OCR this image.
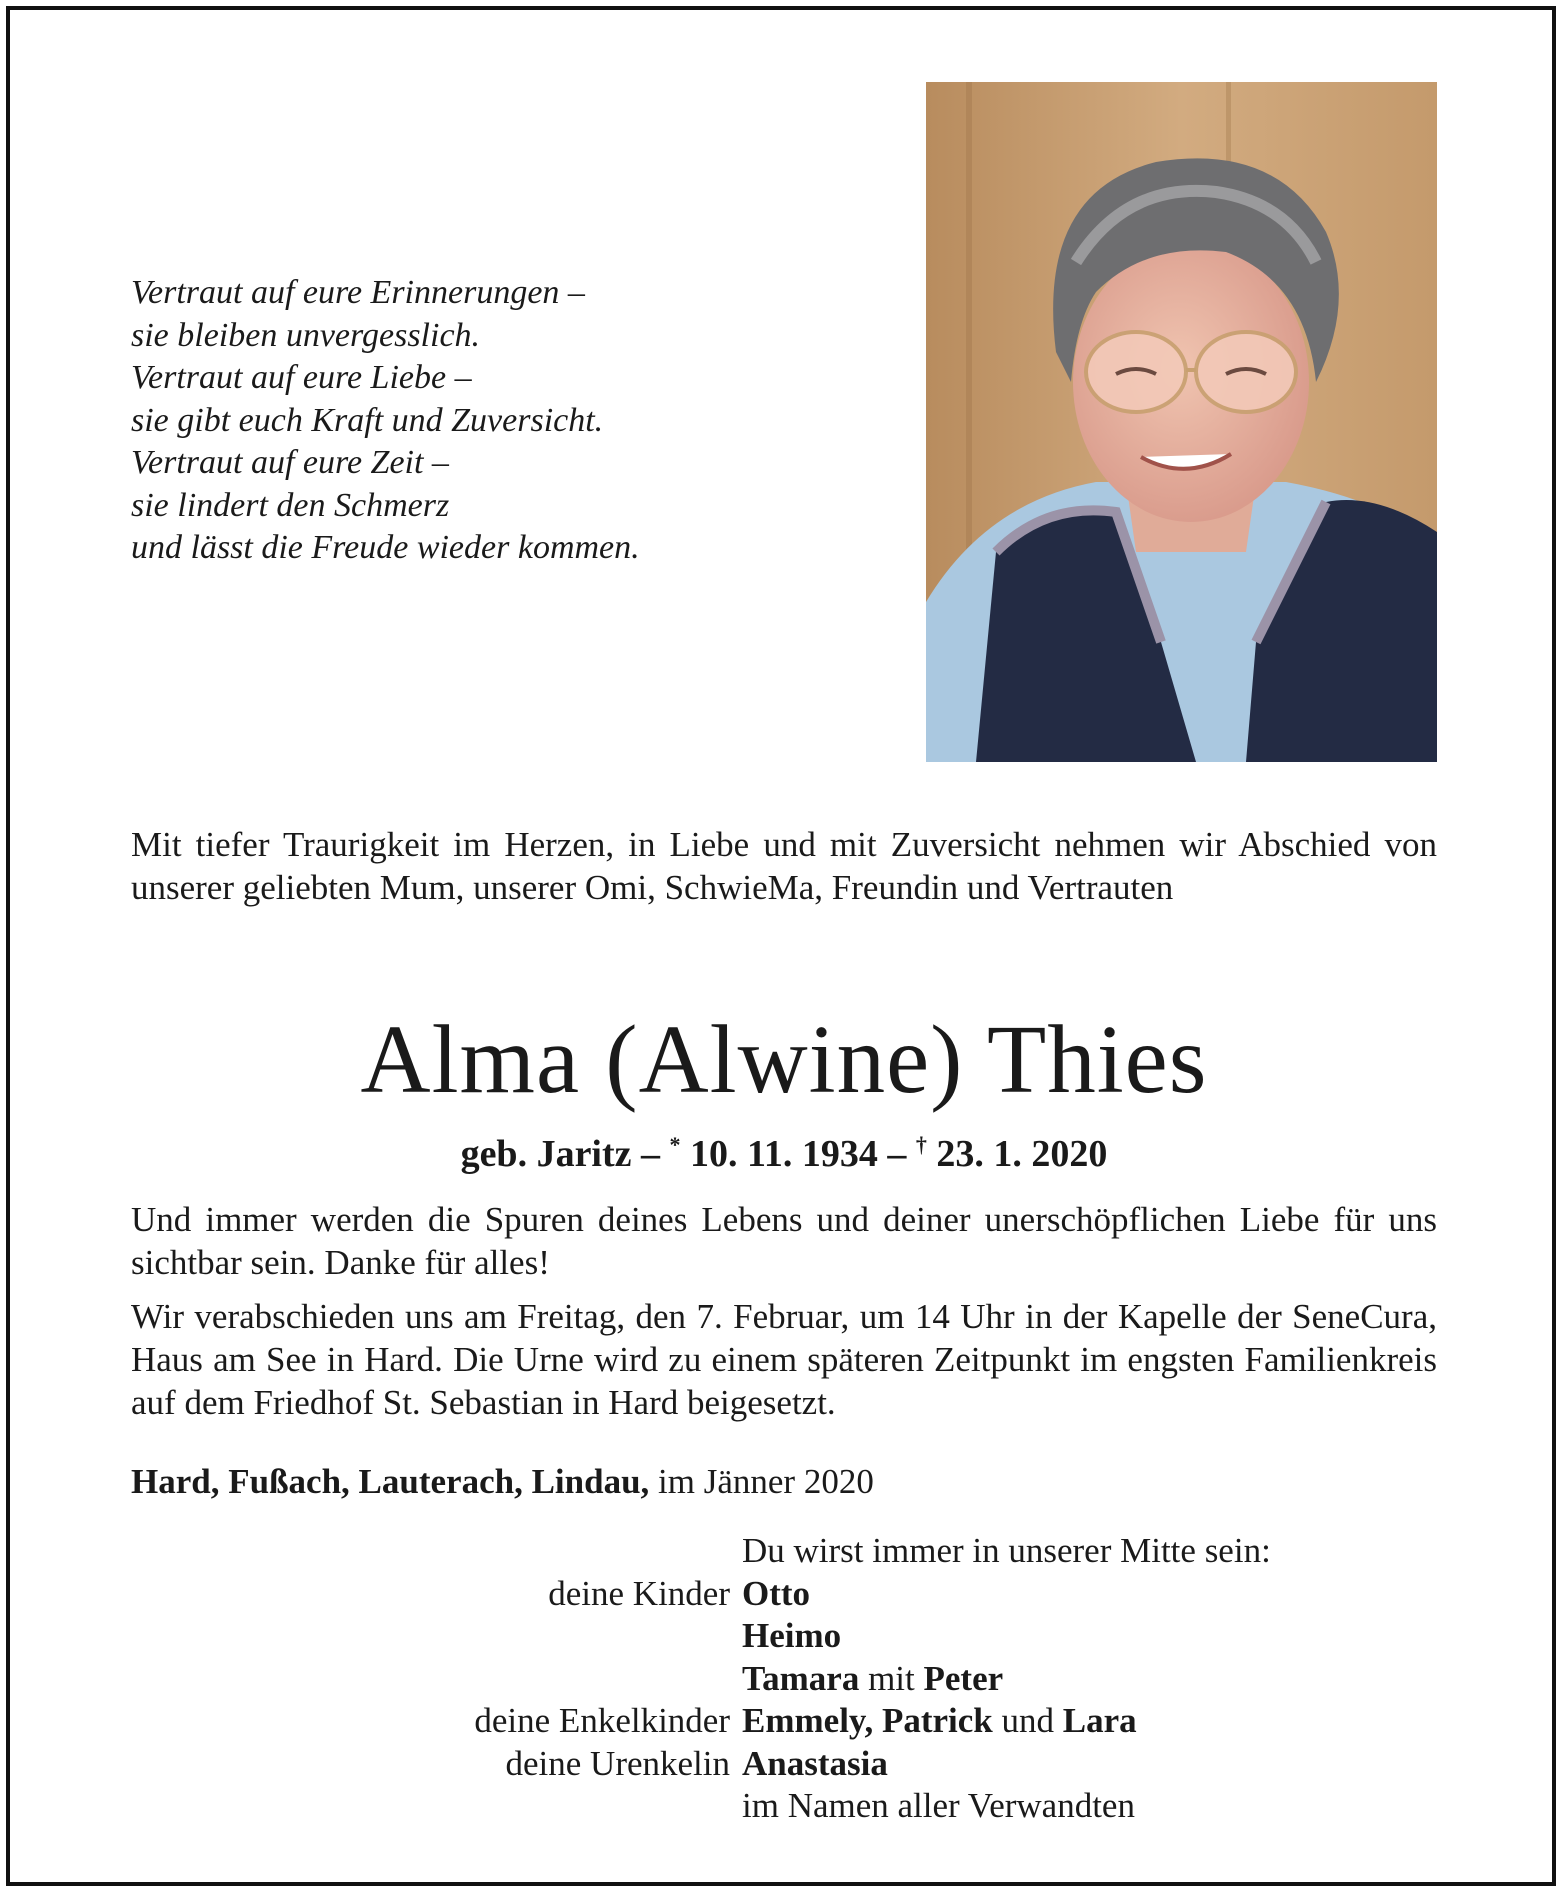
Vertraut auf eure Erinnerungen –
sie bleiben unvergesslich.
Vertraut auf eure Liebe –
sie gibt euch Kraft und Zuversicht.
Vertraut auf eure Zeit –
sie lindert den Schmerz
und lässt die Freude wieder kommen.
Mit tiefer Traurigkeit im Herzen, in Liebe und mit Zuversicht nehmen wir Abschied von unserer geliebten Mum, unserer Omi, SchwieMa, Freundin und Vertrauten
Alma (Alwine) Thies
geb. Jaritz – * 10. 11. 1934 – † 23. 1. 2020
Und immer werden die Spuren deines Lebens und deiner unerschöpflichen Liebe für uns sichtbar sein. Danke für alles!
Wir verabschieden uns am Freitag, den 7. Februar, um 14 Uhr in der Kapelle der SeneCura, Haus am See in Hard. Die Urne wird zu einem späteren Zeitpunkt im engsten Familienkreis auf dem Friedhof St. Sebastian in Hard beigesetzt.
Hard, Fußach, Lauterach, Lindau, im Jänner 2020
Du wirst immer in unserer Mitte sein:
deine Kinder Otto
Heimo
Tamara mit Peter
deine Enkelkinder Emmely, Patrick und Lara
deine Urenkelin Anastasia
im Namen aller Verwandten
